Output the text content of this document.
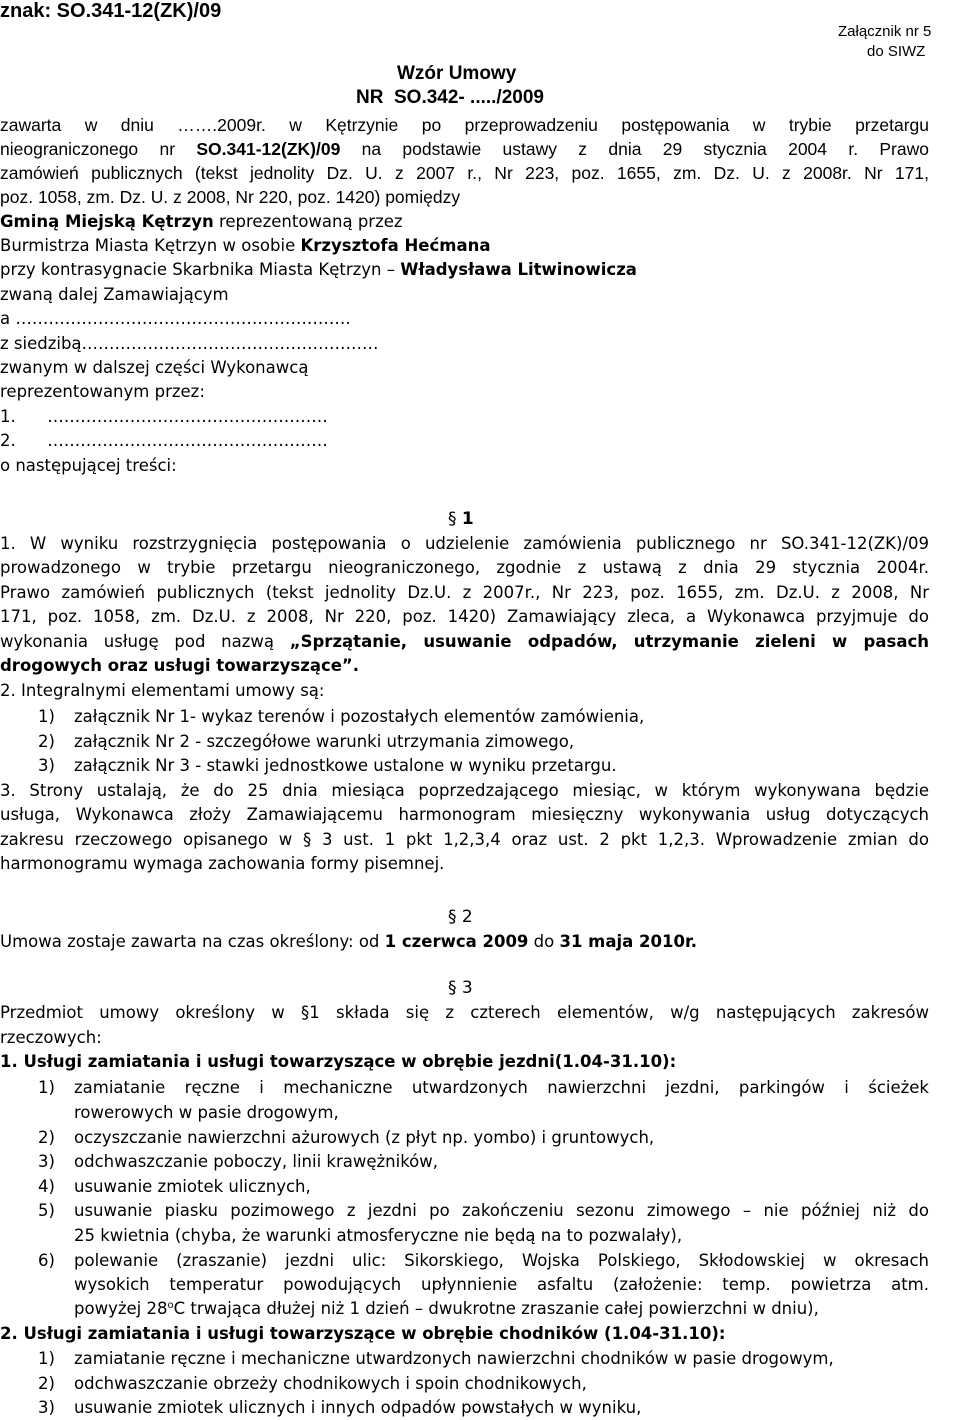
znak: SO.341-12(ZK)/09
Załącznik nr 5
do SIWZ
Wzór Umowy
NR  SO.342- ...../2009
zawarta w dniu …….2009r. w Kętrzynie po przeprowadzeniu postępowania w trybie przetargu
nieograniczonego nr SO.341-12(ZK)/09 na podstawie ustawy z dnia 29 stycznia 2004 r. Prawo
zamówień publicznych (tekst jednolity Dz. U. z 2007 r., Nr 223, poz. 1655, zm. Dz. U. z 2008r. Nr 171,
poz. 1058, zm. Dz. U. z 2008, Nr 220, poz. 1420) pomiędzy
Gminą Miejską Kętrzyn reprezentowaną przez
Burmistrza Miasta Kętrzyn w osobie Krzysztofa Hećmana
przy kontrasygnacie Skarbnika Miasta Kętrzyn – Władysława Litwinowicza
zwaną dalej Zamawiającym
a …………………………………………………….
z siedzibą………………………………………………
zwanym w dalszej części Wykonawcą
reprezentowanym przez:
1.      ……………………………………………
2.      ……………………………………………
o następującej treści:
§ 1
1. W wyniku rozstrzygnięcia postępowania o udzielenie zamówienia publicznego nr SO.341-12(ZK)/09
prowadzonego w trybie przetargu nieograniczonego, zgodnie z ustawą z dnia 29 stycznia 2004r.
Prawo zamówień publicznych (tekst jednolity Dz.U. z 2007r., Nr 223, poz. 1655, zm. Dz.U. z 2008, Nr
171, poz. 1058, zm. Dz.U. z 2008, Nr 220, poz. 1420) Zamawiający zleca, a Wykonawca przyjmuje do
wykonania usługę pod nazwą „Sprzątanie, usuwanie odpadów, utrzymanie zieleni w pasach
drogowych oraz usługi towarzyszące”.
2. Integralnymi elementami umowy są:
1) załącznik Nr 1- wykaz terenów i pozostałych elementów zamówienia,
2) załącznik Nr 2 - szczegółowe warunki utrzymania zimowego,
3) załącznik Nr 3 - stawki jednostkowe ustalone w wyniku przetargu.
3. Strony ustalają, że do 25 dnia miesiąca poprzedzającego miesiąc, w którym wykonywana będzie
usługa, Wykonawca złoży Zamawiającemu harmonogram miesięczny wykonywania usług dotyczących
zakresu rzeczowego opisanego w § 3 ust. 1 pkt 1,2,3,4 oraz ust. 2 pkt 1,2,3. Wprowadzenie zmian do
harmonogramu wymaga zachowania formy pisemnej.
§ 2
Umowa zostaje zawarta na czas określony: od 1 czerwca 2009 do 31 maja 2010r.
§ 3
Przedmiot umowy określony w §1 składa się z czterech elementów, w/g następujących zakresów
rzeczowych:
1. Usługi zamiatania i usługi towarzyszące w obrębie jezdni(1.04-31.10):
1) zamiatanie ręczne i mechaniczne utwardzonych nawierzchni jezdni, parkingów i ścieżek
rowerowych w pasie drogowym,
2) oczyszczanie nawierzchni ażurowych (z płyt np. yombo) i gruntowych,
3) odchwaszczanie poboczy, linii krawężników,
4) usuwanie zmiotek ulicznych,
5) usuwanie piasku pozimowego z jezdni po zakończeniu sezonu zimowego – nie później niż do
25 kwietnia (chyba, że warunki atmosferyczne nie będą na to pozwalały),
6) polewanie (zraszanie) jezdni ulic: Sikorskiego, Wojska Polskiego, Skłodowskiej w okresach
wysokich temperatur powodujących upłynnienie asfaltu (założenie: temp. powietrza atm.
powyżej 28$^o$C trwająca dłużej niż 1 dzień – dwukrotne zraszanie całej powierzchni w dniu),
2. Usługi zamiatania i usługi towarzyszące w obrębie chodników (1.04-31.10):
1) zamiatanie ręczne i mechaniczne utwardzonych nawierzchni chodników w pasie drogowym,
2) odchwaszczanie obrzeży chodnikowych i spoin chodnikowych,
3) usuwanie zmiotek ulicznych i innych odpadów powstałych w wyniku,
